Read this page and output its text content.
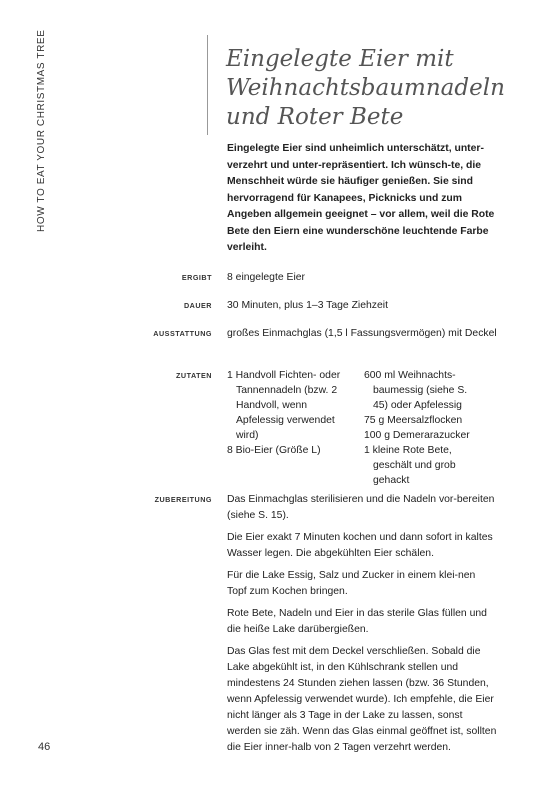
HOW TO EAT YOUR CHRISTMAS TREE
46
Eingelegte Eier mit
Weihnachtsbaumnadeln
und Roter Bete

Eingelegte Eier sind unheimlich unterschätzt, unter-verzehrt und unter-repräsentiert. Ich wünsch-te, die Menschheit würde sie häufiger genießen. Sie sind hervorragend für Kanapees, Picknicks und zum Angeben allgemein geeignet – vor allem, weil die Rote Bete den Eiern eine wunderschöne leuchtende Farbe verleiht.

ERGIBT 8 eingelegte Eier
DAUER 30 Minuten, plus 1–3 Tage Ziehzeit
AUSSTATTUNG großes Einmachglas (1,5 l Fassungsvermögen) mit Deckel
ZUTATEN 1 Handvoll Fichten- oder Tannennadeln (bzw. 2 Handvoll, wenn Apfelessig verwendet wird)
8 Bio-Eier (Größe L)
600 ml Weihnachts-baumessig (siehe S. 45) oder Apfelessig
75 g Meersalzflocken
100 g Demerarazucker
1 kleine Rote Bete, geschält und grob gehackt
ZUBEREITUNG Das Einmachglas sterilisieren und die Nadeln vor-bereiten (siehe S. 15).

Die Eier exakt 7 Minuten kochen und dann sofort in kaltes Wasser legen. Die abgekühlten Eier schälen.

Für die Lake Essig, Salz und Zucker in einem klei-nen Topf zum Kochen bringen.

Rote Bete, Nadeln und Eier in das sterile Glas füllen und die heiße Lake darübergießen.

Das Glas fest mit dem Deckel verschließen. Sobald die Lake abgekühlt ist, in den Kühlschrank stellen und mindestens 24 Stunden ziehen lassen (bzw. 36 Stunden, wenn Apfelessig verwendet wurde). Ich empfehle, die Eier nicht länger als 3 Tage in der Lake zu lassen, sonst werden sie zäh. Wenn das Glas einmal geöffnet ist, sollten die Eier inner-halb von 2 Tagen verzehrt werden.
